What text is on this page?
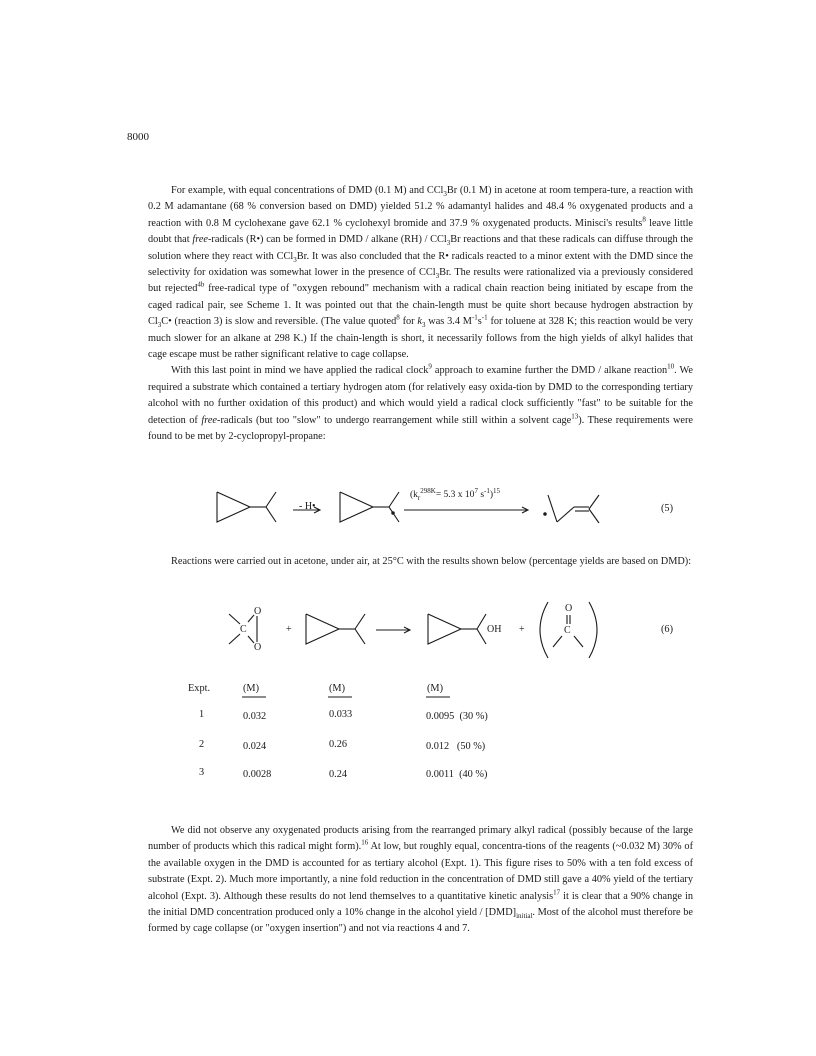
8000

For example, with equal concentrations of DMD (0.1 M) and CCl$_3$Br (0.1 M) in acetone at room tempera-ture, a reaction with 0.2 M adamantane (68 % conversion based on DMD) yielded 51.2 % adamantyl halides and 48.4 % oxygenated products and a reaction with 0.8 M cyclohexane gave 62.1 % cyclohexyl bromide and 37.9 % oxygenated products. Minisci's results$^8$ leave little doubt that free-radicals (R•) can be formed in DMD / alkane (RH) / CCl$_3$Br reactions and that these radicals can diffuse through the solution where they react with CCl$_3$Br. It was also concluded that the R• radicals reacted to a minor extent with the DMD since the selectivity for oxidation was somewhat lower in the presence of CCl$_3$Br. The results were rationalized via a previously considered but rejected$^{4b}$ free-radical type of "oxygen rebound" mechanism with a radical chain reaction being initiated by escape from the caged radical pair, see Scheme 1. It was pointed out that the chain-length must be quite short because hydrogen abstraction by $Cl_3C•$ (reaction 3) is slow and reversible. (The value quoted$^8$ for $k_3$ was 3.4 $M^{-1}s^{-1}$ for toluene at 328 K; this reaction would be very much slower for an alkane at 298 K.) If the chain-length is short, it necessarily follows from the high yields of alkyl halides that cage escape must be rather significant relative to cage collapse.

With this last point in mind we have applied the radical clock$^9$ approach to examine further the DMD / alkane reaction$^{10}$. We required a substrate which contained a tertiary hydrogen atom (for relatively easy oxida-tion by DMD to the corresponding tertiary alcohol with no further oxidation of this product) and which would yield a radical clock sufficiently "fast" to be suitable for the detection of free-radicals (but too "slow" to undergo rearrangement while still within a solvent cage$^{13}$). These requirements were found to be met by 2-cyclopropyl-propane:

- H•
($k_r^{298K}= 5.3$ x $10^7$ $s^{-1})^{15}$
(5)
O
C
O
+	OH +
O
C	(6)
Expt.	(M)	(M)	(M)
1	0.032	0.033	0.0095  (30 %)
2	0.024	0.26	0.012   (50 %)
3	0.0028	0.24	0.0011  (40 %)

Reactions were carried out in acetone, under air, at 25°C with the results shown below (percentage yields are based on DMD):

We did not observe any oxygenated products arising from the rearranged primary alkyl radical (possibly because of the large number of products which this radical might form).$^{16}$ At low, but roughly equal, concentra-tions of the reagents (~0.032 M) 30% of the available oxygen in the DMD is accounted for as tertiary alcohol (Expt. 1). This figure rises to 50% with a ten fold excess of substrate (Expt. 2). Much more importantly, a nine fold reduction in the concentration of DMD still gave a 40% yield of the tertiary alcohol (Expt. 3). Although these results do not lend themselves to a quantitative kinetic analysis$^{17}$ it is clear that a 90% change in the initial DMD concentration produced only a 10% change in the alcohol yield / $[DMD]_{initial}$. Most of the alcohol must therefore be formed by cage collapse (or "oxygen insertion") and not via reactions 4 and 7.
